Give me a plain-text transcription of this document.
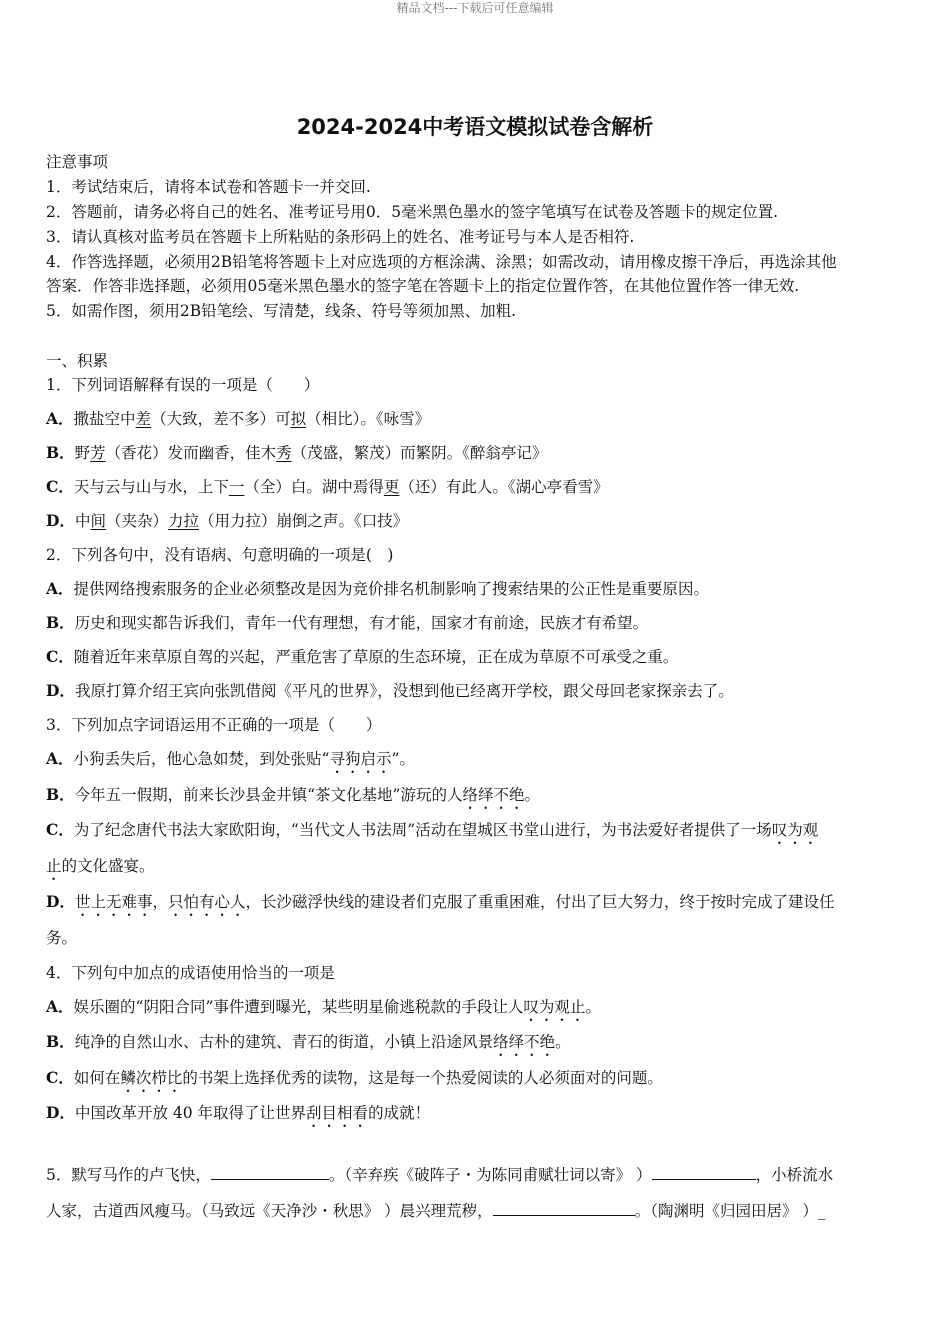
精品文档---下载后可任意编辑
2024-2024中考语文模拟试卷含解析
注意事项
1．考试结束后，请将本试卷和答题卡一并交回.
2．答题前，请务必将自己的姓名、准考证号用0．5毫米黑色墨水的签字笔填写在试卷及答题卡的规定位置.
3．请认真核对监考员在答题卡上所粘贴的条形码上的姓名、准考证号与本人是否相符.
4．作答选择题，必须用2B铅笔将答题卡上对应选项的方框涂满、涂黑；如需改动，请用橡皮擦干净后，再选涂其他
答案．作答非选择题，必须用05毫米黑色墨水的签字笔在答题卡上的指定位置作答，在其他位置作答一律无效.
5．如需作图，须用2B铅笔绘、写清楚，线条、符号等须加黑、加粗.
一、积累
1．下列词语解释有误的一项是（　　）
A．撒盐空中差（大致，差不多）可拟（相比）。《咏雪》
B．野芳（香花）发而幽香，佳木秀（茂盛，繁茂）而繁阴。《醉翁亭记》
C．天与云与山与水，上下一（全）白。湖中焉得更（还）有此人。《湖心亭看雪》
D．中间（夹杂）力拉（用力拉）崩倒之声。《口技》
2．下列各句中，没有语病、句意明确的一项是(　)
A．提供网络搜索服务的企业必须整改是因为竞价排名机制影响了搜索结果的公正性是重要原因。
B．历史和现实都告诉我们，青年一代有理想，有才能，国家才有前途，民族才有希望。
C．随着近年来草原自驾的兴起，严重危害了草原的生态环境，正在成为草原不可承受之重。
D．我原打算介绍王宾向张凯借阅《平凡的世界》，没想到他已经离开学校，跟父母回老家探亲去了。
3．下列加点字词语运用不正确的一项是（　　）
A．小狗丢失后，他心急如焚，到处张贴“寻狗启示”。
B．今年五一假期，前来长沙县金井镇“茶文化基地”游玩的人络绎不绝。
C．为了纪念唐代书法大家欧阳询，“当代文人书法周”活动在望城区书堂山进行，为书法爱好者提供了一场叹为观
止的文化盛宴。
D．世上无难事，只怕有心人，长沙磁浮快线的建设者们克服了重重困难，付出了巨大努力，终于按时完成了建设任
务。
4．下列句中加点的成语使用恰当的一项是
A．娱乐圈的“阴阳合同”事件遭到曝光，某些明星偷逃税款的手段让人叹为观止。
B．纯净的自然山水、古朴的建筑、青石的街道，小镇上沿途风景络绎不绝。
C．如何在鳞次栉比的书架上选择优秀的读物，这是每一个热爱阅读的人必须面对的问题。
D．中国改革开放 40 年取得了让世界刮目相看的成就！
5．默写马作的卢飞快，	。（辛弃疾《破阵子・为陈同甫赋壮词以寄》 ）	，小桥流水
人家，古道西风瘦马。（马致远《天净沙・秋思》 ）晨兴理荒秽，	。（陶渊明《归园田居》 ）_
